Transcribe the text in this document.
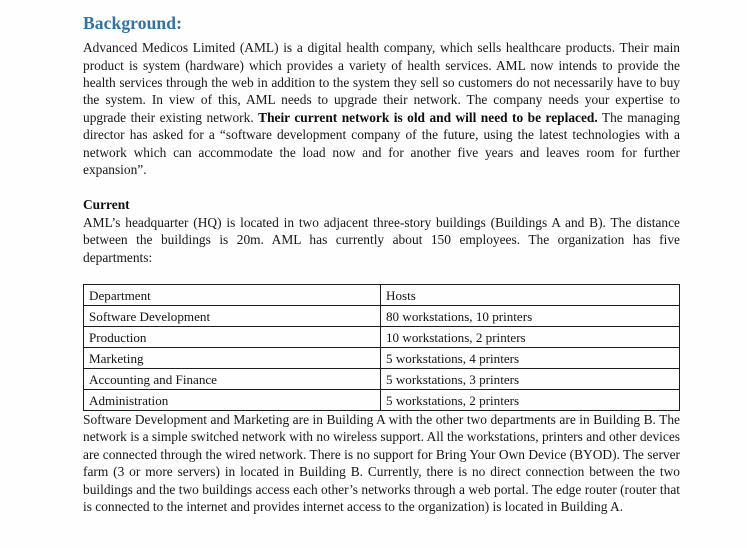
Background:

Advanced Medicos Limited (AML) is a digital health company, which sells healthcare products. Their main product is system (hardware) which provides a variety of health services. AML now intends to provide the health services through the web in addition to the system they sell so customers do not necessarily have to buy the system. In view of this, AML needs to upgrade their network. The company needs your expertise to upgrade their existing network. Their current network is old and will need to be replaced. The managing director has asked for a “software development company of the future, using the latest technologies with a network which can accommodate the load now and for another five years and leaves room for further expansion”.

Current

AML’s headquarter (HQ) is located in two adjacent three-story buildings (Buildings A and B). The distance between the buildings is 20m. AML has currently about 150 employees. The organization has five departments:

Department	Hosts
Software Development	80 workstations, 10 printers
Production	10 workstations, 2 printers
Marketing	5 workstations, 4 printers
Accounting and Finance	5 workstations, 3 printers
Administration	5 workstations, 2 printers

Software Development and Marketing are in Building A with the other two departments are in Building B. The network is a simple switched network with no wireless support. All the workstations, printers and other devices are connected through the wired network. There is no support for Bring Your Own Device (BYOD). The server farm (3 or more servers) in located in Building B. Currently, there is no direct connection between the two buildings and the two buildings access each other’s networks through a web portal. The edge router (router that is connected to the internet and provides internet access to the organization) is located in Building A.
